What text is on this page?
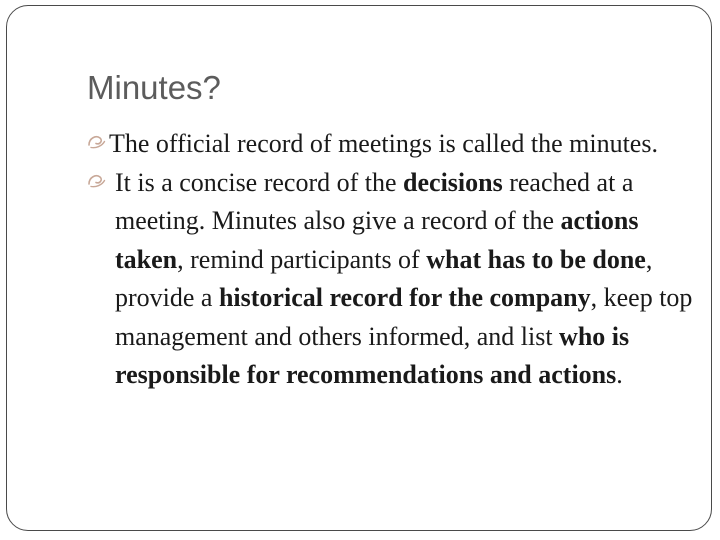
Minutes?
The official record of meetings is called the minutes.
It is a concise record of the decisions reached at a meeting. Minutes also give a record of the actions taken, remind participants of what has to be done, provide a historical record for the company, keep top management and others informed, and list who is responsible for recommendations and actions.
